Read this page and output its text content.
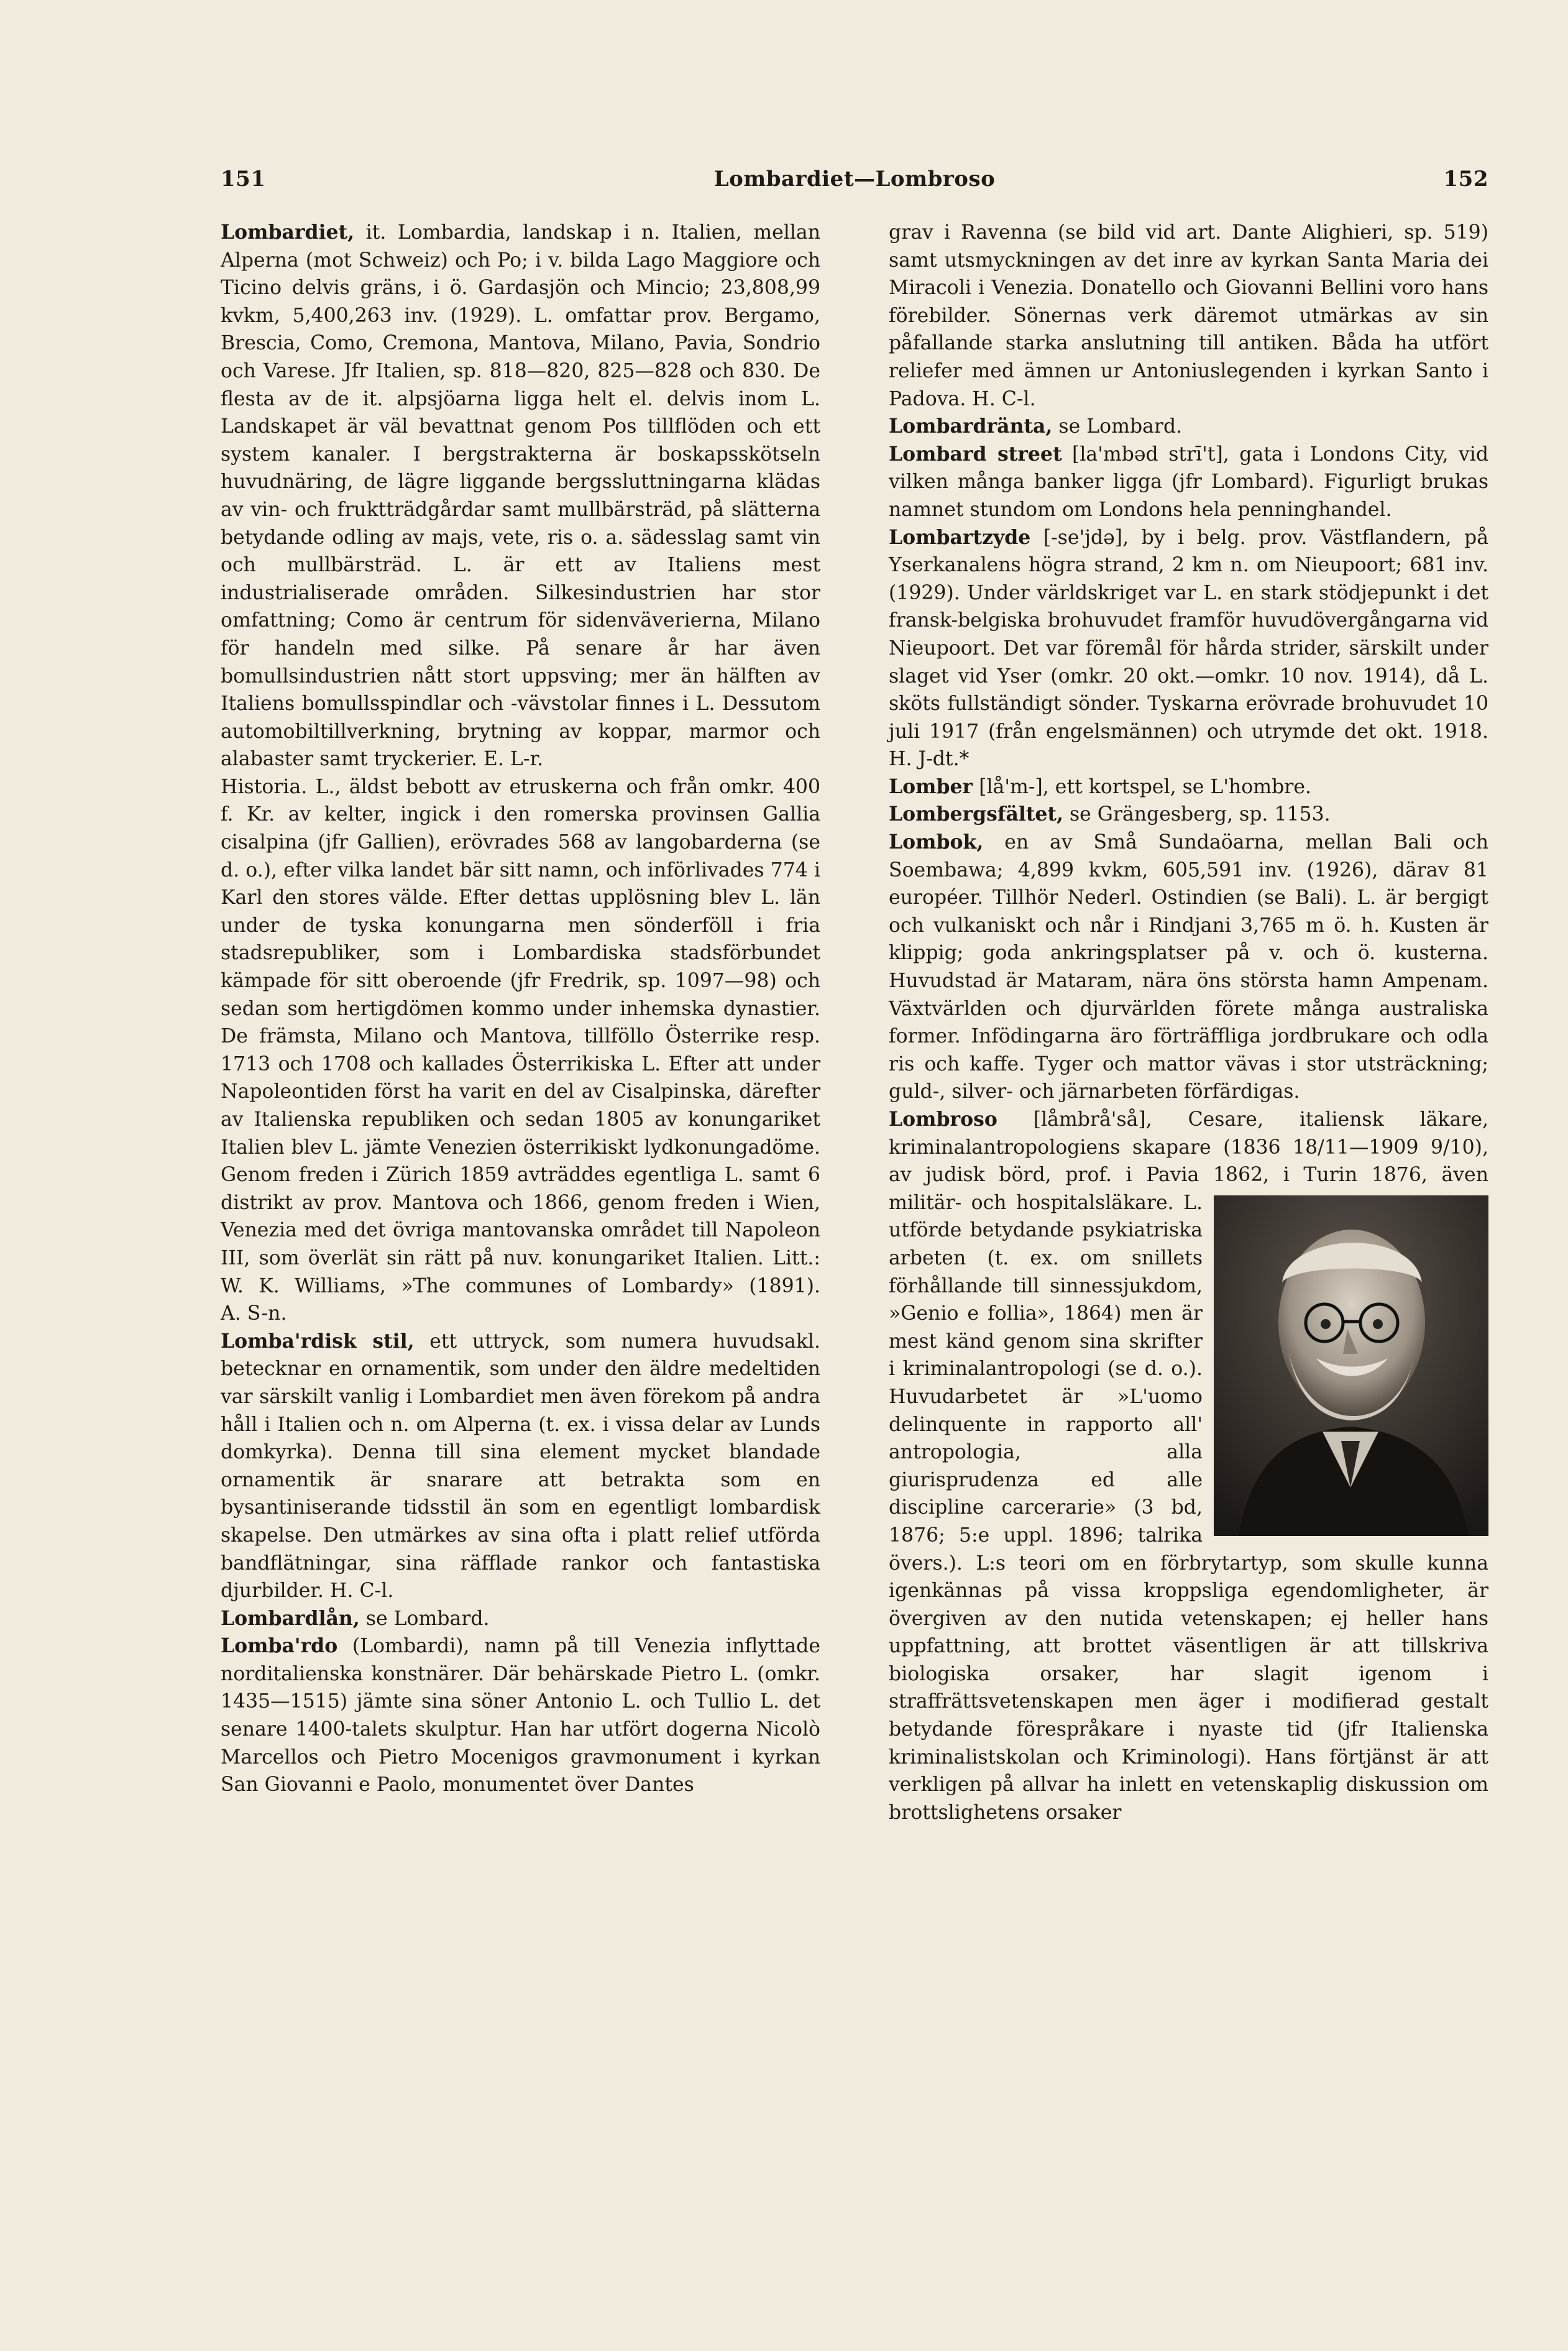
151	Lombardiet—Lombroso	152

Lombardiet, it. Lombardia, landskap i n. Italien, mellan Alperna (mot Schweiz) och Po; i v. bilda Lago Maggiore och Ticino delvis gräns, i ö. Gardasjön och Mincio; 23,808,99 kvkm, 5,400,263 inv. (1929). L. omfattar prov. Bergamo, Brescia, Como, Cremona, Mantova, Milano, Pavia, Sondrio och Varese. Jfr Italien, sp. 818—820, 825—828 och 830. De flesta av de it. alpsjöarna ligga helt el. delvis inom L. Landskapet är väl bevattnat genom Pos tillflöden och ett system kanaler. I bergstrakterna är boskapsskötseln huvudnäring, de lägre liggande bergssluttningarna klädas av vin- och fruktträdgårdar samt mullbärsträd, på slätterna betydande odling av majs, vete, ris o. a. sädesslag samt vin och mullbärsträd. L. är ett av Italiens mest industrialiserade områden. Silkesindustrien har stor omfattning; Como är centrum för sidenväverierna, Milano för handeln med silke. På senare år har även bomullsindustrien nått stort uppsving; mer än hälften av Italiens bomullsspindlar och -vävstolar finnes i L. Dessutom automobiltillverkning, brytning av koppar, marmor och alabaster samt tryckerier. E. L-r.

Historia. L., äldst bebott av etruskerna och från omkr. 400 f. Kr. av kelter, ingick i den romerska provinsen Gallia cisalpina (jfr Gallien), erövrades 568 av langobarderna (se d. o.), efter vilka landet bär sitt namn, och införlivades 774 i Karl den stores välde. Efter dettas upplösning blev L. län under de tyska konungarna men sönderföll i fria stadsrepubliker, som i Lombardiska stadsförbundet kämpade för sitt oberoende (jfr Fredrik, sp. 1097—98) och sedan som hertigdömen kommo under inhemska dynastier. De främsta, Milano och Mantova, tillföllo Österrike resp. 1713 och 1708 och kallades Österrikiska L. Efter att under Napoleontiden först ha varit en del av Cisalpinska, därefter av Italienska republiken och sedan 1805 av konungariket Italien blev L. jämte Venezien österrikiskt lydkonungadöme. Genom freden i Zürich 1859 avträddes egentliga L. samt 6 distrikt av prov. Mantova och 1866, genom freden i Wien, Venezia med det övriga mantovanska området till Napoleon III, som överlät sin rätt på nuv. konungariket Italien. Litt.: W. K. Williams, »The communes of Lombardy» (1891). A. S-n.

Lomba'rdisk stil, ett uttryck, som numera huvudsakl. betecknar en ornamentik, som under den äldre medeltiden var särskilt vanlig i Lombardiet men även förekom på andra håll i Italien och n. om Alperna (t. ex. i vissa delar av Lunds domkyrka). Denna till sina element mycket blandade ornamentik är snarare att betrakta som en bysantiniserande tidsstil än som en egentligt lombardisk skapelse. Den utmärkes av sina ofta i platt relief utförda bandflätningar, sina räfflade rankor och fantastiska djurbilder. H. C-l.

Lombardlån, se Lombard.

Lomba'rdo (Lombardi), namn på till Venezia inflyttade norditalienska konstnärer. Där behärskade Pietro L. (omkr. 1435—1515) jämte sina söner Antonio L. och Tullio L. det senare 1400-talets skulptur. Han har utfört dogerna Nicolò Marcellos och Pietro Mocenigos gravmonument i kyrkan San Giovanni e Paolo, monumentet över Dantes

grav i Ravenna (se bild vid art. Dante Alighieri, sp. 519) samt utsmyckningen av det inre av kyrkan Santa Maria dei Miracoli i Venezia. Donatello och Giovanni Bellini voro hans förebilder. Sönernas verk däremot utmärkas av sin påfallande starka anslutning till antiken. Båda ha utfört reliefer med ämnen ur Antoniuslegenden i kyrkan Santo i Padova. H. C-l.

Lombardränta, se Lombard.

Lombard street [la'mbəd strī't], gata i Londons City, vid vilken många banker ligga (jfr Lombard). Figurligt brukas namnet stundom om Londons hela penninghandel.

Lombartzyde [-se'jdə], by i belg. prov. Västflandern, på Yserkanalens högra strand, 2 km n. om Nieupoort; 681 inv. (1929). Under världskriget var L. en stark stödjepunkt i det fransk-belgiska brohuvudet framför huvudövergångarna vid Nieupoort. Det var föremål för hårda strider, särskilt under slaget vid Yser (omkr. 20 okt.—omkr. 10 nov. 1914), då L. sköts fullständigt sönder. Tyskarna erövrade brohuvudet 10 juli 1917 (från engelsmännen) och utrymde det okt. 1918. H. J-dt.*

Lomber [lå'm-], ett kortspel, se L'hombre.

Lombergsfältet, se Grängesberg, sp. 1153.

Lombok, en av Små Sundaöarna, mellan Bali och Soembawa; 4,899 kvkm, 605,591 inv. (1926), därav 81 européer. Tillhör Nederl. Ostindien (se Bali). L. är bergigt och vulkaniskt och når i Rindjani 3,765 m ö. h. Kusten är klippig; goda ankringsplatser på v. och ö. kusterna. Huvudstad är Mataram, nära öns största hamn Ampenam. Växtvärlden och djurvärlden förete många australiska former. Infödingarna äro förträffliga jordbrukare och odla ris och kaffe. Tyger och mattor vävas i stor utsträckning; guld-, silver- och järnarbeten förfärdigas.

Lombroso [låmbrå'så], Cesare, italiensk läkare, kriminalantropologiens skapare (1836 18/11—1909 9/10), av judisk börd, prof. i Pavia 1862, i Turin 1876, även militär- och hospitalsläkare. L. utförde betydande psykiatriska arbeten (t. ex. om snillets förhållande till sinnessjukdom, »Genio e follia», 1864) men är mest känd genom sina skrifter i kriminalantropologi (se d. o.). Huvudarbetet är »L'uomo delinquente in rapporto all' antropologia, alla giurisprudenza ed alle discipline carcerarie» (3 bd, 1876; 5:e uppl. 1896; talrika övers.). L:s teori om en förbrytartyp, som skulle kunna igenkännas på vissa kroppsliga egendomligheter, är övergiven av den nutida vetenskapen; ej heller hans uppfattning, att brottet väsentligen är att tillskriva biologiska orsaker, har slagit igenom i straffrättsvetenskapen men äger i modifierad gestalt betydande förespråkare i nyaste tid (jfr Italienska kriminalistskolan och Kriminologi). Hans förtjänst är att verkligen på allvar ha inlett en vetenskaplig diskussion om brottslighetens orsaker
